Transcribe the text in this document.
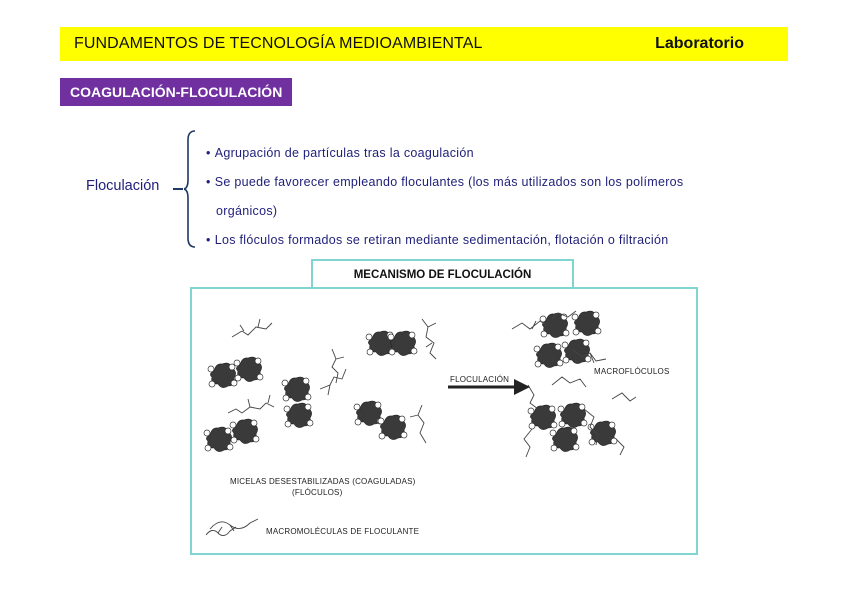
FUNDAMENTOS DE TECNOLOGÍA MEDIOAMBIENTAL	Laboratorio
COAGULACIÓN-FLOCULACIÓN
Floculación
• Agrupación de partículas tras la coagulación
• Se puede favorecer empleando floculantes (los más utilizados son los polímeros
orgánicos)
• Los flóculos formados se retiran mediante sedimentación, flotación o filtración
MECANISMO DE FLOCULACIÓN
FLOCULACIÓN
MACROFLÓCULOS
MICELAS DESESTABILIZADAS (COAGULADAS)
(FLÓCULOS)
MACROMOLÉCULAS DE FLOCULANTE
